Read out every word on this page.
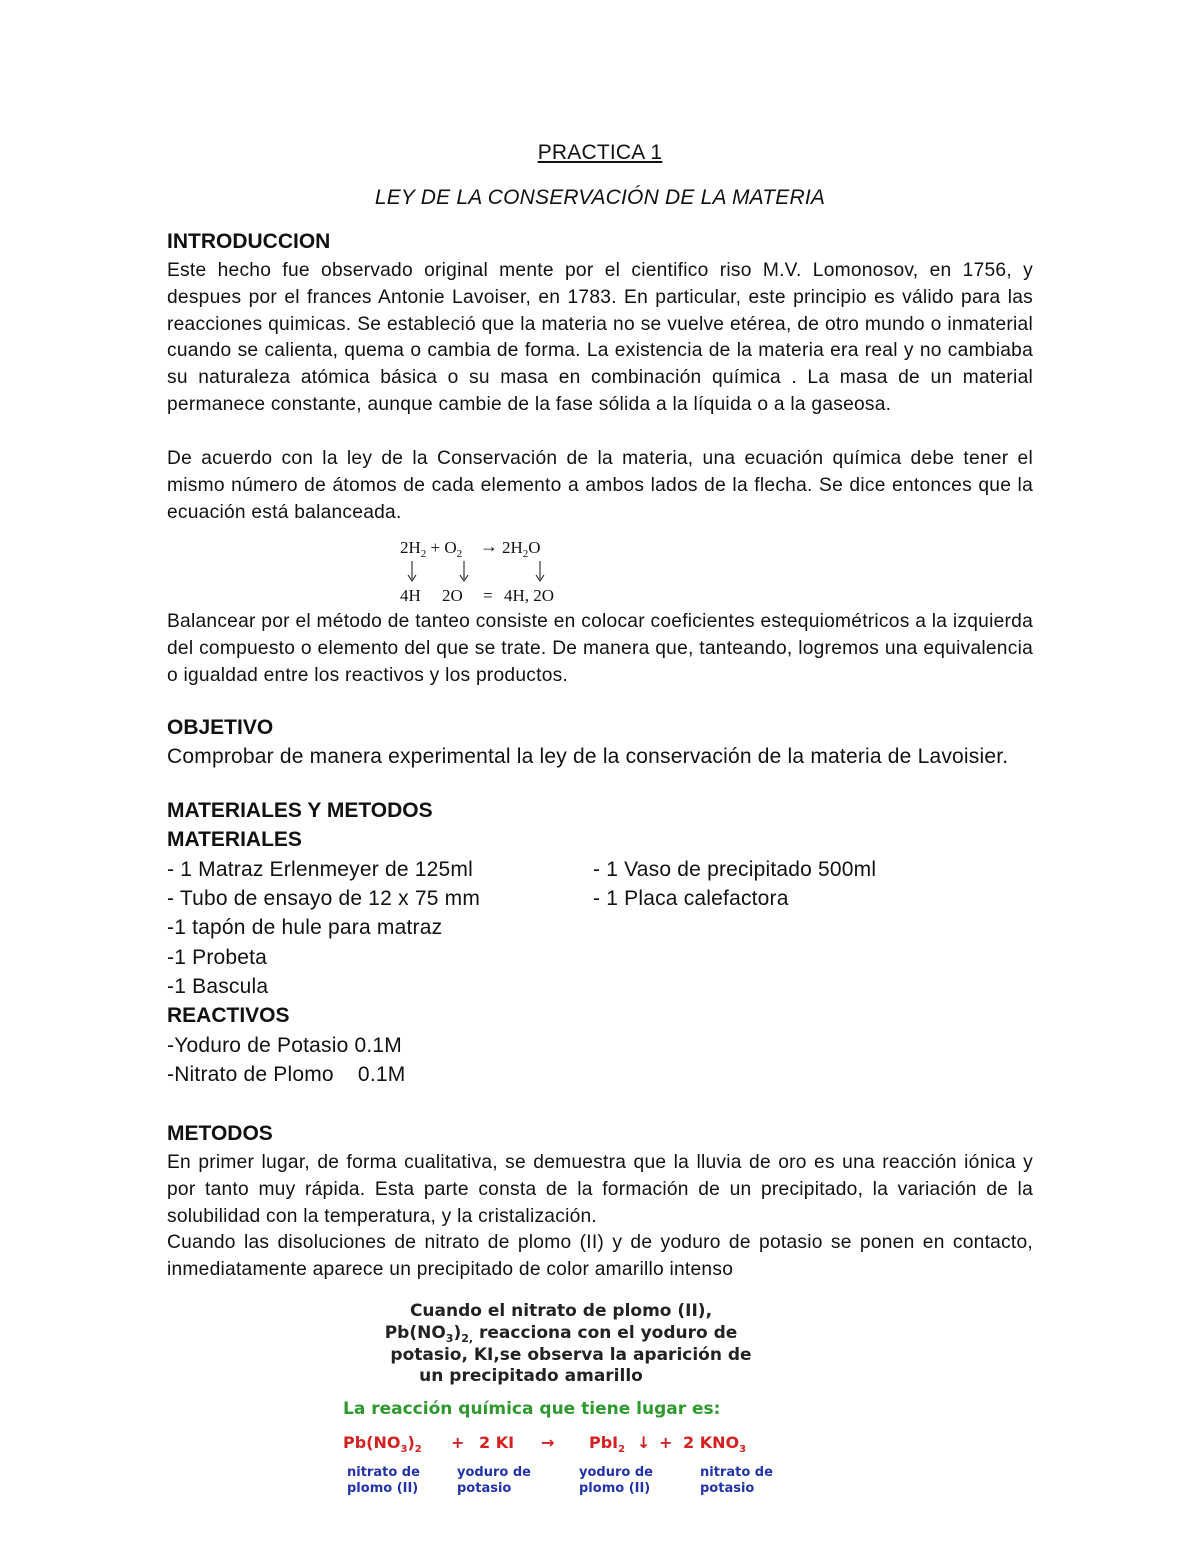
PRACTICA 1

LEY DE LA CONSERVACIÓN DE LA MATERIA

INTRODUCCION

Este hecho fue observado original mente por el cientifico riso M.V. Lomonosov, en 1756, y despues por el frances Antonie Lavoiser, en 1783. En particular, este principio es válido para las reacciones quimicas. Se estableció que la materia no se vuelve etérea, de otro mundo o inmaterial cuando se calienta, quema o cambia de forma. La existencia de la materia era real y no cambiaba su naturaleza atómica básica o su masa en combinación química . La masa de un material permanece constante, aunque cambie de la fase sólida a la líquida o a la gaseosa.

De acuerdo con la ley de la Conservación de la materia, una ecuación química debe tener el mismo número de átomos de cada elemento a ambos lados de la flecha. Se dice entonces que la ecuación está balanceada.

$2H_2 + O_2 \to 2H_2O$
4H 2O = 4H, 2O

Balancear por el método de tanteo consiste en colocar coeficientes estequiométricos a la izquierda del compuesto o elemento del que se trate. De manera que, tanteando, logremos una equivalencia o igualdad entre los reactivos y los productos.

OBJETIVO

Comprobar de manera experimental la ley de la conservación de la materia de Lavoisier.

MATERIALES Y METODOS

MATERIALES

- 1 Matraz Erlenmeyer de 125ml

- Tubo de ensayo de 12 x 75 mm

-1 tapón de hule para matraz

-1 Probeta

-1 Bascula

- 1 Vaso de precipitado 500ml

- 1 Placa calefactora

REACTIVOS

-Yoduro de Potasio 0.1M

-Nitrato de Plomo    0.1M

METODOS

En primer lugar, de forma cualitativa, se demuestra que la lluvia de oro es una reacción iónica y por tanto muy rápida. Esta parte consta de la formación de un precipitado, la variación de la solubilidad con la temperatura, y la cristalización.

Cuando las disoluciones de nitrato de plomo (II) y de yoduro de potasio se ponen en contacto, inmediatamente aparece un precipitado de color amarillo intenso

Cuando el nitrato de plomo (II),
$Pb(NO_3)_{2,}$ reacciona con el yoduro de
potasio, KI,se observa la aparición de
un precipitado amarillo
La reacción química que tiene lugar es:
$Pb(NO_3)_2 + 2$ KI → PbI$_2$ ↓ + 2 $KNO_3$
nitrato de
plomo (II)
yoduro de
potasio
yoduro de
plomo (II)
nitrato de
potasio
